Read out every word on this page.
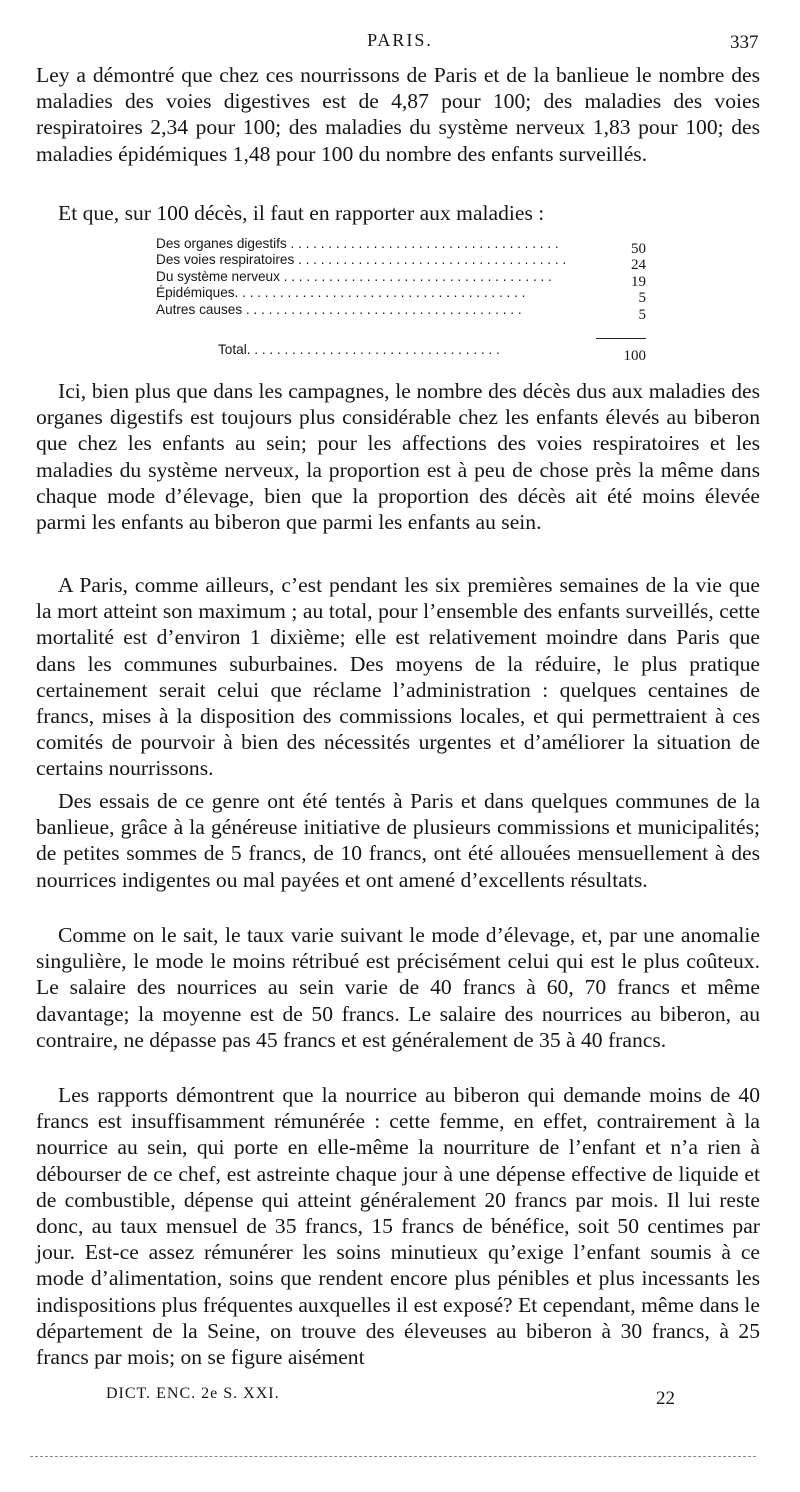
PARIS.	337

Ley a démontré que chez ces nourrissons de Paris et de la banlieue le nombre des maladies des voies digestives est de 4,87 pour 100; des maladies des voies respiratoires 2,34 pour 100; des maladies du système nerveux 1,83 pour 100; des maladies épidémiques 1,48 pour 100 du nombre des enfants surveillés.

Et que, sur 100 décès, il faut en rapporter aux maladies :

Des organes digestifs . . . . . . . . . . . . . . . . . . . . . . . . . . . . . . . . . . . .	50
Des voies respiratoires . . . . . . . . . . . . . . . . . . . . . . . . . . . . . . . . . . . .	24
Du système nerveux . . . . . . . . . . . . . . . . . . . . . . . . . . . . . . . . . . . .	19
Épidémiques. . . . . . . . . . . . . . . . . . . . . . . . . . . . . . . . . . . . . . .	5
Autres causes . . . . . . . . . . . . . . . . . . . . . . . . . . . . . . . . . . . . .	5
Total. . . . . . . . . . . . . . . . . . . . . . . . . . . . . . . . . .	100

Ici, bien plus que dans les campagnes, le nombre des décès dus aux maladies des organes digestifs est toujours plus considérable chez les enfants élevés au biberon que chez les enfants au sein; pour les affections des voies respiratoires et les maladies du système nerveux, la proportion est à peu de chose près la même dans chaque mode d’élevage, bien que la proportion des décès ait été moins élevée parmi les enfants au biberon que parmi les enfants au sein.

A Paris, comme ailleurs, c’est pendant les six premières semaines de la vie que la mort atteint son maximum ; au total, pour l’ensemble des enfants surveillés, cette mortalité est d’environ 1 dixième; elle est relativement moindre dans Paris que dans les communes suburbaines. Des moyens de la réduire, le plus pratique certainement serait celui que réclame l’administration : quelques centaines de francs, mises à la disposition des commissions locales, et qui permettraient à ces comités de pourvoir à bien des nécessités urgentes et d’améliorer la situation de certains nourrissons.

Des essais de ce genre ont été tentés à Paris et dans quelques communes de la banlieue, grâce à la généreuse initiative de plusieurs commissions et municipalités; de petites sommes de 5 francs, de 10 francs, ont été allouées mensuellement à des nourrices indigentes ou mal payées et ont amené d’excellents résultats.

Comme on le sait, le taux varie suivant le mode d’élevage, et, par une anomalie singulière, le mode le moins rétribué est précisément celui qui est le plus coûteux. Le salaire des nourrices au sein varie de 40 francs à 60, 70 francs et même davantage; la moyenne est de 50 francs. Le salaire des nourrices au biberon, au contraire, ne dépasse pas 45 francs et est généralement de 35 à 40 francs.

Les rapports démontrent que la nourrice au biberon qui demande moins de 40 francs est insuffisamment rémunérée : cette femme, en effet, contrairement à la nourrice au sein, qui porte en elle-même la nourriture de l’enfant et n’a rien à débourser de ce chef, est astreinte chaque jour à une dépense effective de liquide et de combustible, dépense qui atteint généralement 20 francs par mois. Il lui reste donc, au taux mensuel de 35 francs, 15 francs de bénéfice, soit 50 centimes par jour. Est-ce assez rémunérer les soins minutieux qu’exige l’enfant soumis à ce mode d’alimentation, soins que rendent encore plus pénibles et plus incessants les indispositions plus fréquentes auxquelles il est exposé? Et cependant, même dans le département de la Seine, on trouve des éleveuses au biberon à 30 francs, à 25 francs par mois; on se figure aisément

DICT. ENC. 2e S. XXI.	22
